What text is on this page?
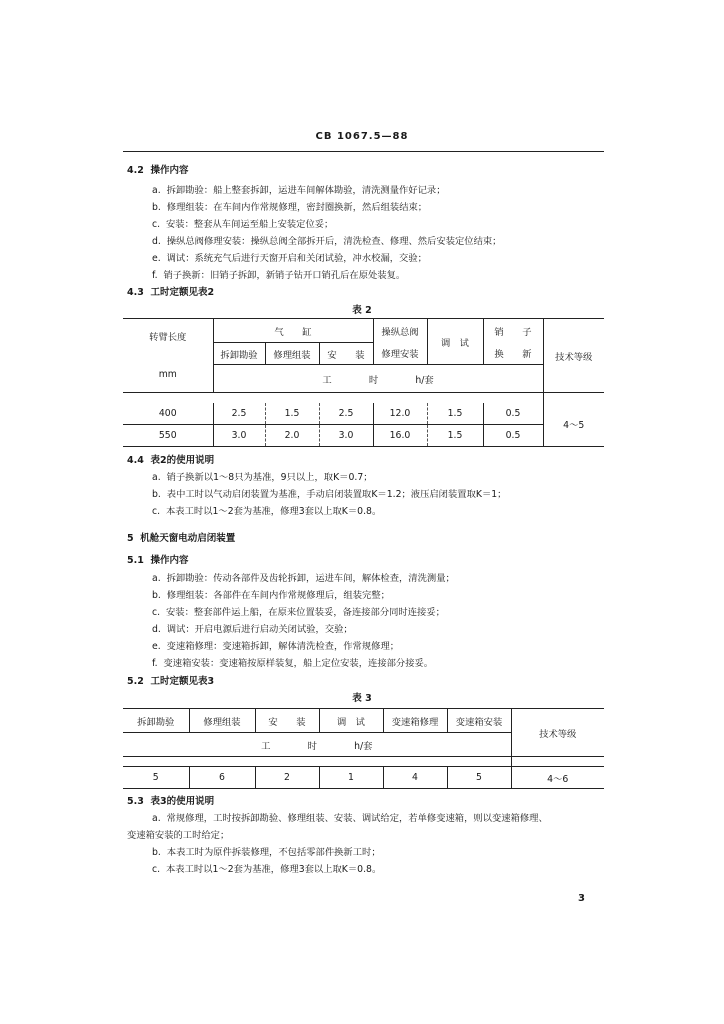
CB 1067.5—88
4.2 操作内容
a. 拆卸勘验：船上整套拆卸，运进车间解体勘验，清洗测量作好记录；
b. 修理组装：在车间内作常规修理，密封圈换新，然后组装结束；
c. 安装：整套从车间运至船上安装定位妥；
d. 操纵总阀修理安装：操纵总阀全部拆开后，清洗检查、修理、然后安装定位结束；
e. 调试：系统充气后进行天窗开启和关闭试验，冲水校漏，交验；
f. 销子换新：旧销子拆卸，新销子钻开口销孔后在原处装复。
4.3 工时定额见表2
表 2
转臂长度	气　　缸			操纵总阀	调　试	销　　子	技术等级
	拆卸勘验	修理组装	安　　装	修理安装		换　　新	
mm	工　　　　时　　　　h/套						

400	2.5	1.5	2.5	12.0	1.5	0.5	4～5
550	3.0	2.0	3.0	16.0	1.5	0.5	
4.4 表2的使用说明
a. 销子换新以1～8只为基准，9只以上，取K＝0.7；
b. 表中工时以气动启闭装置为基准，手动启闭装置取K＝1.2；液压启闭装置取K＝1；
c. 本表工时以1～2套为基准，修理3套以上取K＝0.8。
5 机舱天窗电动启闭装置
5.1 操作内容
a. 拆卸勘验：传动各部件及齿轮拆卸，运进车间，解体检查，清洗测量；
b. 修理组装：各部件在车间内作常规修理后，组装完整；
c. 安装：整套部件运上船，在原来位置装妥，备连接部分同时连接妥；
d. 调试：开启电源后进行启动关闭试验，交验；
e. 变速箱修理：变速箱拆卸，解体清洗检查，作常规修理；
f. 变速箱安装：变速箱按原样装复，船上定位安装，连接部分接妥。
5.2 工时定额见表3
表 3
拆卸勘验	修理组装	安　　装	调　试	变速箱修理	变速箱安装	技术等级
工　　　　时　　　　h/套						

5	6	2	1	4	5	4～6
5.3 表3的使用说明
a. 常规修理，工时按拆卸勘验、修理组装、安装、调试给定，若单修变速箱，则以变速箱修理、
变速箱安装的工时给定；
b. 本表工时为原件拆装修理，不包括零部件换新工时；
c. 本表工时以1～2套为基准，修理3套以上取K＝0.8。
3
